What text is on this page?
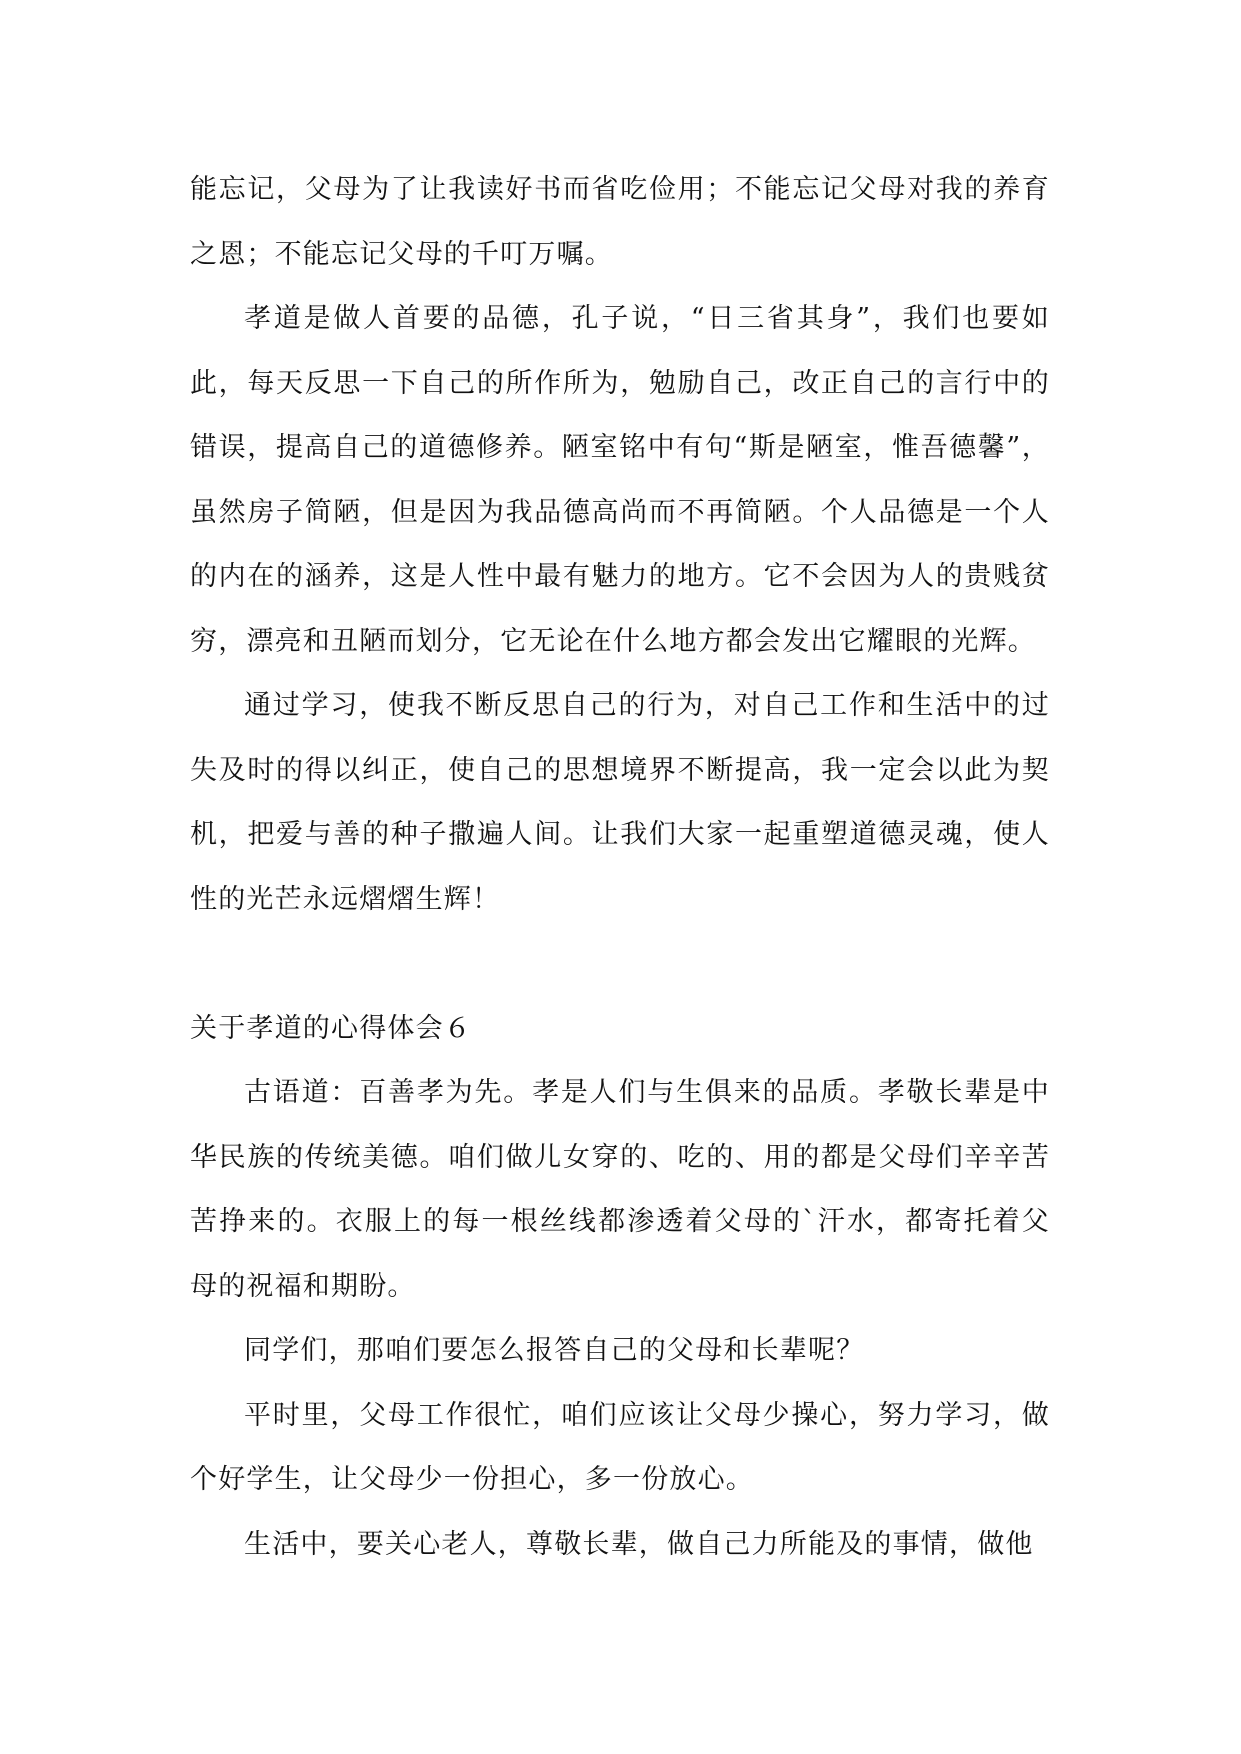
能忘记，父母为了让我读好书而省吃俭用；不能忘记父母对我的养育之恩；不能忘记父母的千叮万嘱。

孝道是做人首要的品德，孔子说，“日三省其身”，我们也要如此，每天反思一下自己的所作所为，勉励自己，改正自己的言行中的错误，提高自己的道德修养。陋室铭中有句“斯是陋室，惟吾德馨”，虽然房子简陋，但是因为我品德高尚而不再简陋。个人品德是一个人的内在的涵养，这是人性中最有魅力的地方。它不会因为人的贵贱贫穷，漂亮和丑陋而划分，它无论在什么地方都会发出它耀眼的光辉。

通过学习，使我不断反思自己的行为，对自己工作和生活中的过失及时的得以纠正，使自己的思想境界不断提高，我一定会以此为契机，把爱与善的种子撒遍人间。让我们大家一起重塑道德灵魂，使人性的光芒永远熠熠生辉！

关于孝道的心得体会６

古语道：百善孝为先。孝是人们与生俱来的品质。孝敬长辈是中华民族的传统美德。咱们做儿女穿的、吃的、用的都是父母们辛辛苦苦挣来的。衣服上的每一根丝线都渗透着父母的`汗水，都寄托着父母的祝福和期盼。

同学们，那咱们要怎么报答自己的父母和长辈呢？

平时里，父母工作很忙，咱们应该让父母少操心，努力学习，做个好学生，让父母少一份担心，多一份放心。

生活中，要关心老人，尊敬长辈，做自己力所能及的事情，做他
